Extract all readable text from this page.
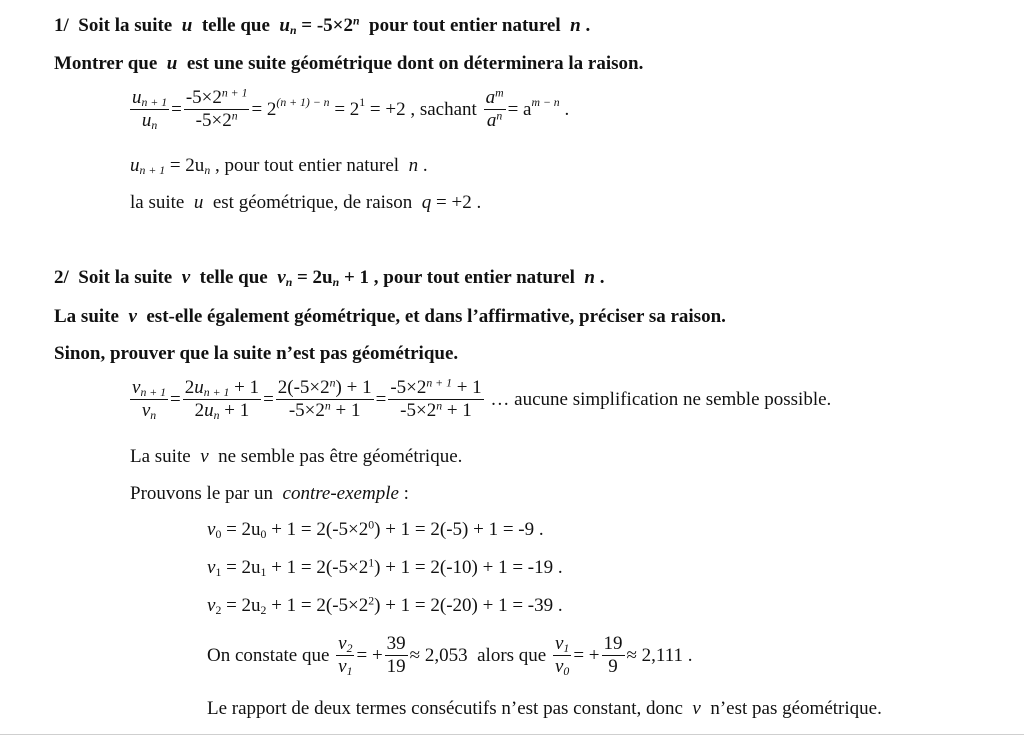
1/ Soit la suite u telle que $u_n = -5\times 2^n$ pour tout entier naturel n .
Montrer que u est une suite géométrique dont on déterminera la raison.
$\frac{u_{n + 1}}{u_n} = \frac{-5\times 2^{n + 1}}{-5\times 2^n} = 2$ (n + 1) − n
= 2 1
= +2 , sachant
$\frac{a^m}{a^n} = a$ m − n
.
$u_{n + 1} = 2u_n$ , pour tout entier naturel n .
la suite u est géométrique, de raison q = +2 .
2/ Soit la suite v telle que $v_n = 2u_n + 1$ , pour tout entier naturel n .
La suite v est-elle également géométrique, et dans l’affirmative, préciser sa raison.
Sinon, prouver que la suite n’est pas géométrique.
$\frac{v_{n + 1}}{v_n} = \frac{2u_{n + 1} + 1}{2u_n + 1} = \frac{2(-5\times 2^n) + 1}{-5\times 2^n + 1} = \frac{-5\times 2^{n + 1} + 1}{-5\times 2^n + 1}$
… aucune simplification ne semble possible.
La suite v ne semble pas être géométrique.
Prouvons le par un contre-exemple :
$v_0 = 2u_0 + 1 = 2(-5\times 2^0) + 1 = 2(-5) + 1 = -9$ .
$v_1 = 2u_1 + 1 = 2(-5\times 2^1) + 1 = 2(-10) + 1 = -19$ .
$v_2 = 2u_2 + 1 = 2(-5\times 2^2) + 1 = 2(-20) + 1 = -39$ .
On constate que
$\frac{v_2}{v_1}$ = + $\frac{39}{19} \approx 2,053$
alors que
$\frac{v_1}{v_0}$ = + $\frac{19}{9} \approx 2,111$ .
Le rapport de deux termes consécutifs n’est pas constant, donc v n’est pas géométrique.
